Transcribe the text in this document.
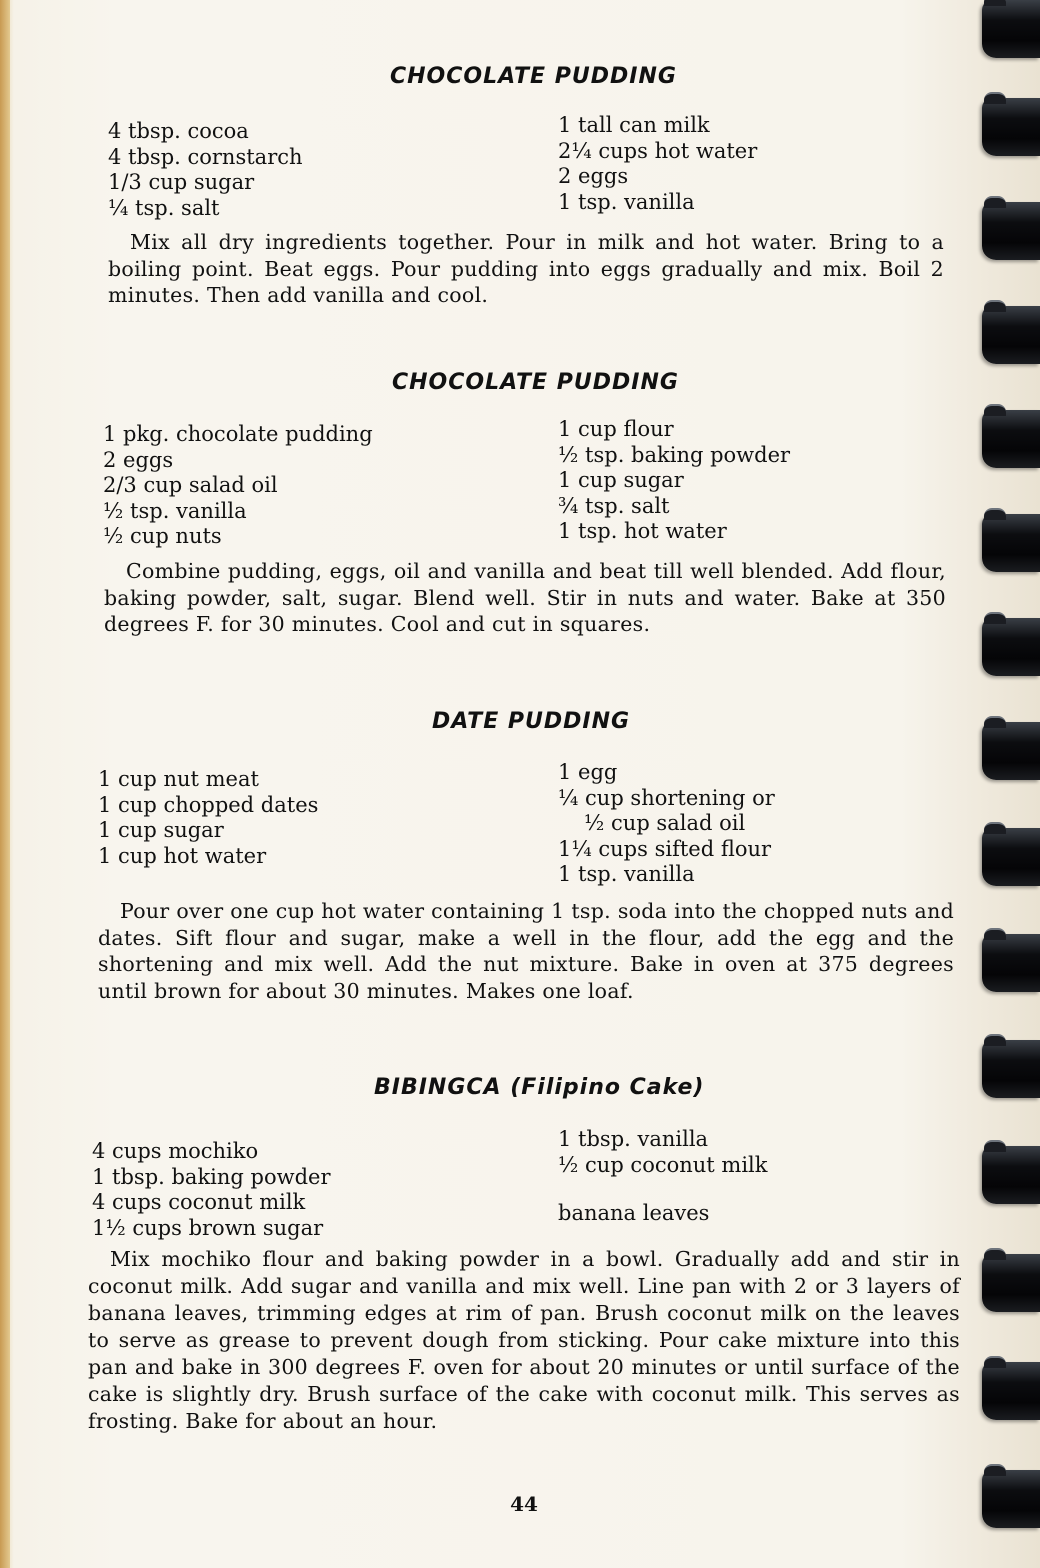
CHOCOLATE PUDDING
4 tbsp. cocoa
4 tbsp. cornstarch
1/3 cup sugar
¼ tsp. salt
1 tall can milk
2¼ cups hot water
2 eggs
1 tsp. vanilla

Mix all dry ingredients together. Pour in milk and hot water. Bring to a boiling point. Beat eggs. Pour pudding into eggs gradually and mix. Boil 2 minutes. Then add vanilla and cool.

CHOCOLATE PUDDING
1 pkg. chocolate pudding
2 eggs
2/3 cup salad oil
½ tsp. vanilla
½ cup nuts
1 cup flour
½ tsp. baking powder
1 cup sugar
¾ tsp. salt
1 tsp. hot water

Combine pudding, eggs, oil and vanilla and beat till well blended. Add flour, baking powder, salt, sugar. Blend well. Stir in nuts and water. Bake at 350 degrees F. for 30 minutes. Cool and cut in squares.

DATE PUDDING
1 cup nut meat
1 cup chopped dates
1 cup sugar
1 cup hot water
1 egg
¼ cup shortening or
½ cup salad oil
1¼ cups sifted flour
1 tsp. vanilla

Pour over one cup hot water containing 1 tsp. soda into the chopped nuts and dates. Sift flour and sugar, make a well in the flour, add the egg and the shortening and mix well. Add the nut mixture. Bake in oven at 375 degrees until brown for about 30 minutes. Makes one loaf.

BIBINGCA (Filipino Cake)
4 cups mochiko
1 tbsp. baking powder
4 cups coconut milk
1½ cups brown sugar
1 tbsp. vanilla
½ cup coconut milk
banana leaves

Mix mochiko flour and baking powder in a bowl. Gradually add and stir in coconut milk. Add sugar and vanilla and mix well. Line pan with 2 or 3 layers of banana leaves, trimming edges at rim of pan. Brush coconut milk on the leaves to serve as grease to prevent dough from sticking. Pour cake mixture into this pan and bake in 300 degrees F. oven for about 20 minutes or until surface of the cake is slightly dry. Brush surface of the cake with coconut milk. This serves as frosting. Bake for about an hour.

44
